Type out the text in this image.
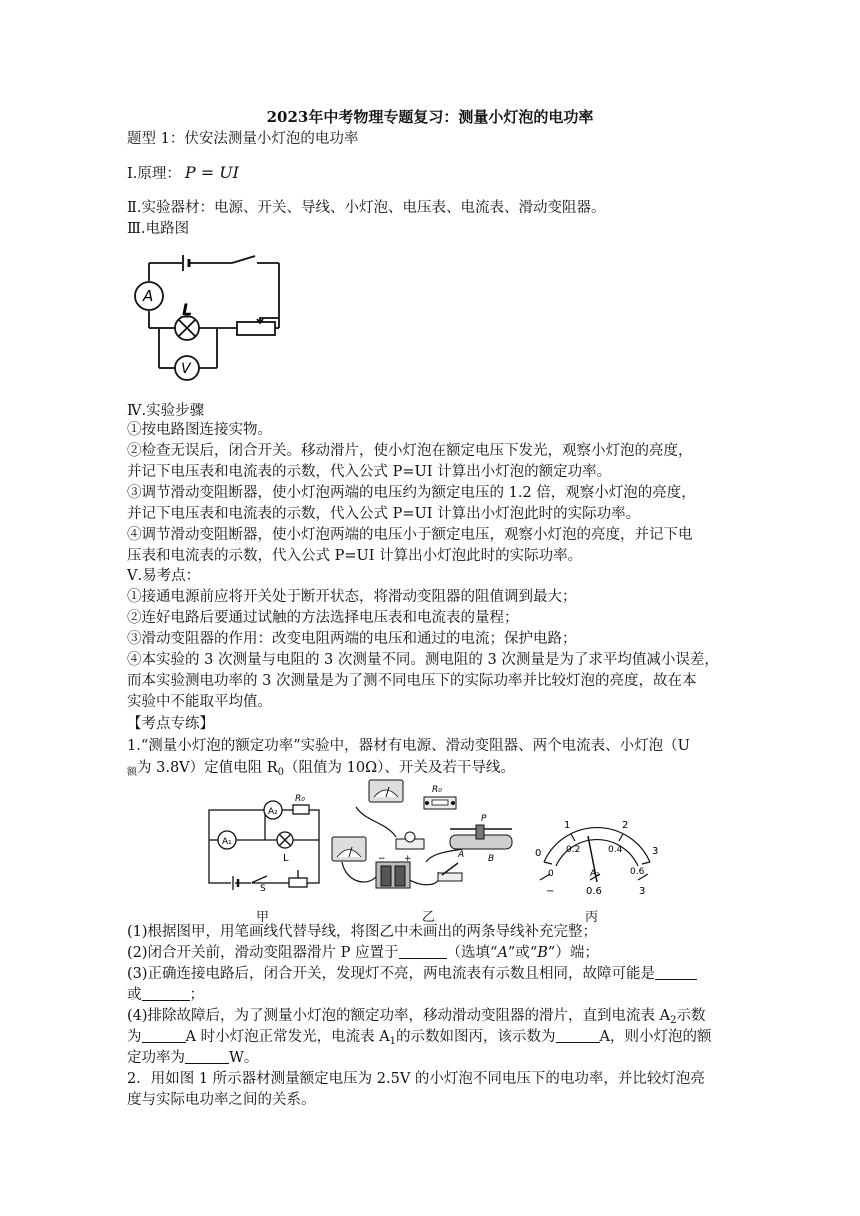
2023年中考物理专题复习：测量小灯泡的电功率
题型 1：伏安法测量小灯泡的电功率
Ⅰ.原理： P = UI
Ⅱ.实验器材：电源、开关、导线、小灯泡、电压表、电流表、滑动变阻器。
Ⅲ.电路图
A
L
V
Ⅳ.实验步骤
①按电路图连接实物。
②检查无误后，闭合开关。移动滑片，使小灯泡在额定电压下发光，观察小灯泡的亮度，
并记下电压表和电流表的示数，代入公式 P=UI 计算出小灯泡的额定功率。
③调节滑动变阻断器，使小灯泡两端的电压约为额定电压的 1.2 倍，观察小灯泡的亮度，
并记下电压表和电流表的示数，代入公式 P=UI 计算出小灯泡此时的实际功率。
④调节滑动变阻断器，使小灯泡两端的电压小于额定电压，观察小灯泡的亮度，并记下电
压表和电流表的示数，代入公式 P=UI 计算出小灯泡此时的实际功率。
Ⅴ.易考点：
①接通电源前应将开关处于断开状态，将滑动变阻器的阻值调到最大；
②连好电路后要通过试触的方法选择电压表和电流表的量程；
③滑动变阻器的作用：改变电阻两端的电压和通过的电流；保护电路；
④本实验的 3 次测量与电阻的 3 次测量不同。测电阻的 3 次测量是为了求平均值减小误差，
而本实验测电功率的 3 次测量是为了测不同电压下的实际功率并比较灯泡的亮度，故在本
实验中不能取平均值。
【考点专练】
1.“测量小灯泡的额定功率”实验中，器材有电源、滑动变阻器、两个电流表、小灯泡（U
$_额$为 3.8V）定值电阻 $R_0$（阻值为 10Ω）、开关及若干导线。
A₂
R₀
A₁
L
S
R₀
− +
P
A	B	0
1	2
3
0
0.2	0.4
0.6
A₁
−	0.6	3
甲	乙	丙
(1)根据图甲，用笔画线代替导线，将图乙中未画出的两条导线补充完整；
(2)闭合开关前，滑动变阻器滑片 P 应置于	（选填“A”或“B”）端；
(3)正确连接电路后，闭合开关，发现灯不亮，两电流表有示数且相同，故障可能是
或	；
(4)排除故障后，为了测量小灯泡的额定功率，移动滑动变阻器的滑片，直到电流表 $A_2$示数
为	A 时小灯泡正常发光，电流表 $A_1$的示数如图丙，该示数为	A，则小灯泡的额
定功率为	W。
2．用如图 1 所示器材测量额定电压为 2.5V 的小灯泡不同电压下的电功率，并比较灯泡亮
度与实际电功率之间的关系。
